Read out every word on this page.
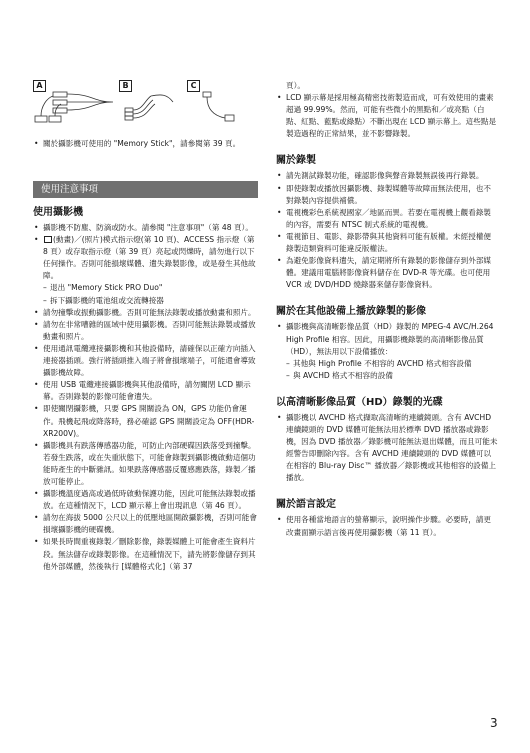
A	B	C
• 關於攝影機可使用的 "Memory Stick"，請參閱第 39 頁。
使用注意事項
使用攝影機
• 攝影機不防塵、防滴或防水。請參閱 "注意事項"（第 48 頁）。
• (動畫)／(照片)模式指示燈(第 10 頁)、ACCESS 指示燈（第 8 頁）或存取指示燈（第 39 頁）亮起或閃爍時，請勿進行以下任何操作。否則可能損壞媒體、遺失錄製影像，或是發生其他故障。
– 退出 "Memory Stick PRO Duo"
– 拆下攝影機的電池組或交流轉接器
• 請勿撞擊或振動攝影機。否則可能無法錄製或播放動畫和照片。
• 請勿在非常嘈雜的區域中使用攝影機。否則可能無法錄製或播放動畫和照片。
• 使用通訊電纜連接攝影機和其他設備時，請確保以正確方向插入連接器插頭。強行將插頭推入端子將會損壞端子，可能還會導致攝影機故障。
• 使用 USB 電纜連接攝影機與其他設備時，請勿關閉 LCD 顯示幕。否則錄製的影像可能會遺失。
• 即使關閉攝影機，只要 GPS 開關設為 ON，GPS 功能仍會運作。飛機起飛或降落時，務必確認 GPS 開關設定為 OFF(HDR-XR200V)。
• 攝影機具有跌落傳感器功能，可防止內部硬碟因跌落受到撞擊。若發生跌落，或在失重狀態下，可能會錄製到攝影機啟動這個功能時產生的中斷雜訊。如果跌落傳感器反覆感應跌落，錄製／播放可能停止。
• 攝影機溫度過高或過低時啟動保護功能，因此可能無法錄製或播放。在這種情況下，LCD 顯示幕上會出現訊息（第 46 頁）。
• 請勿在海拔 5000 公尺以上的低壓地區開啟攝影機，否則可能會損壞攝影機的硬碟機。
• 如果長時間重複錄製／刪除影像，錄製媒體上可能會產生資料片段。無法儲存或錄製影像。在這種情況下，請先將影像儲存到其他外部媒體，然後執行 [媒體格式化]（第 37
頁）。
• LCD 顯示幕是採用極高精密技術製造而成，可有效使用的畫素超過 99.99%。然而，可能有些微小的黑點和／或亮點（白點、紅點、藍點或綠點）不斷出現在 LCD 顯示幕上。這些點是製造過程的正常結果，並不影響錄製。
關於錄製
• 請先測試錄製功能，確認影像與聲音錄製無誤後再行錄製。
• 即使錄製或播放因攝影機、錄製媒體等故障而無法使用，也不對錄製內容提供補償。
• 電視機彩色系統視國家／地區而異。若要在電視機上觀看錄製的內容，需要有 NTSC 制式系統的電視機。
• 電視節目、電影、錄影帶與其他資料可能有版權。未經授權便錄製這類資料可能違反版權法。
• 為避免影像資料遺失，請定期將所有錄製的影像儲存到外部媒體。建議用電腦將影像資料儲存在 DVD-R 等光碟。也可使用 VCR 或 DVD/HDD 燒錄器來儲存影像資料。
關於在其他設備上播放錄製的影像
• 攝影機與高清晰影像品質（HD）錄製的 MPEG-4 AVC/H.264 High Profile 相容。因此，用攝影機錄製的高清晰影像品質（HD），無法用以下設備播放：
– 其他與 High Profile 不相容的 AVCHD 格式相容設備
– 與 AVCHD 格式不相容的設備
以高清晰影像品質（HD）錄製的光碟
• 攝影機以 AVCHD 格式擷取高清晰的連續鏡頭。含有 AVCHD 連續鏡頭的 DVD 媒體可能無法用於標準 DVD 播放器或錄影機，因為 DVD 播放器／錄影機可能無法退出媒體，而且可能未經警告即刪除內容。含有 AVCHD 連續鏡頭的 DVD 媒體可以在相容的 Blu-ray Disc™ 播放器／錄影機或其他相容的設備上播放。
關於語言設定
• 使用各種當地語言的螢幕顯示，說明操作步驟。必要時，請更改畫面顯示語言後再使用攝影機（第 11 頁）。
3
